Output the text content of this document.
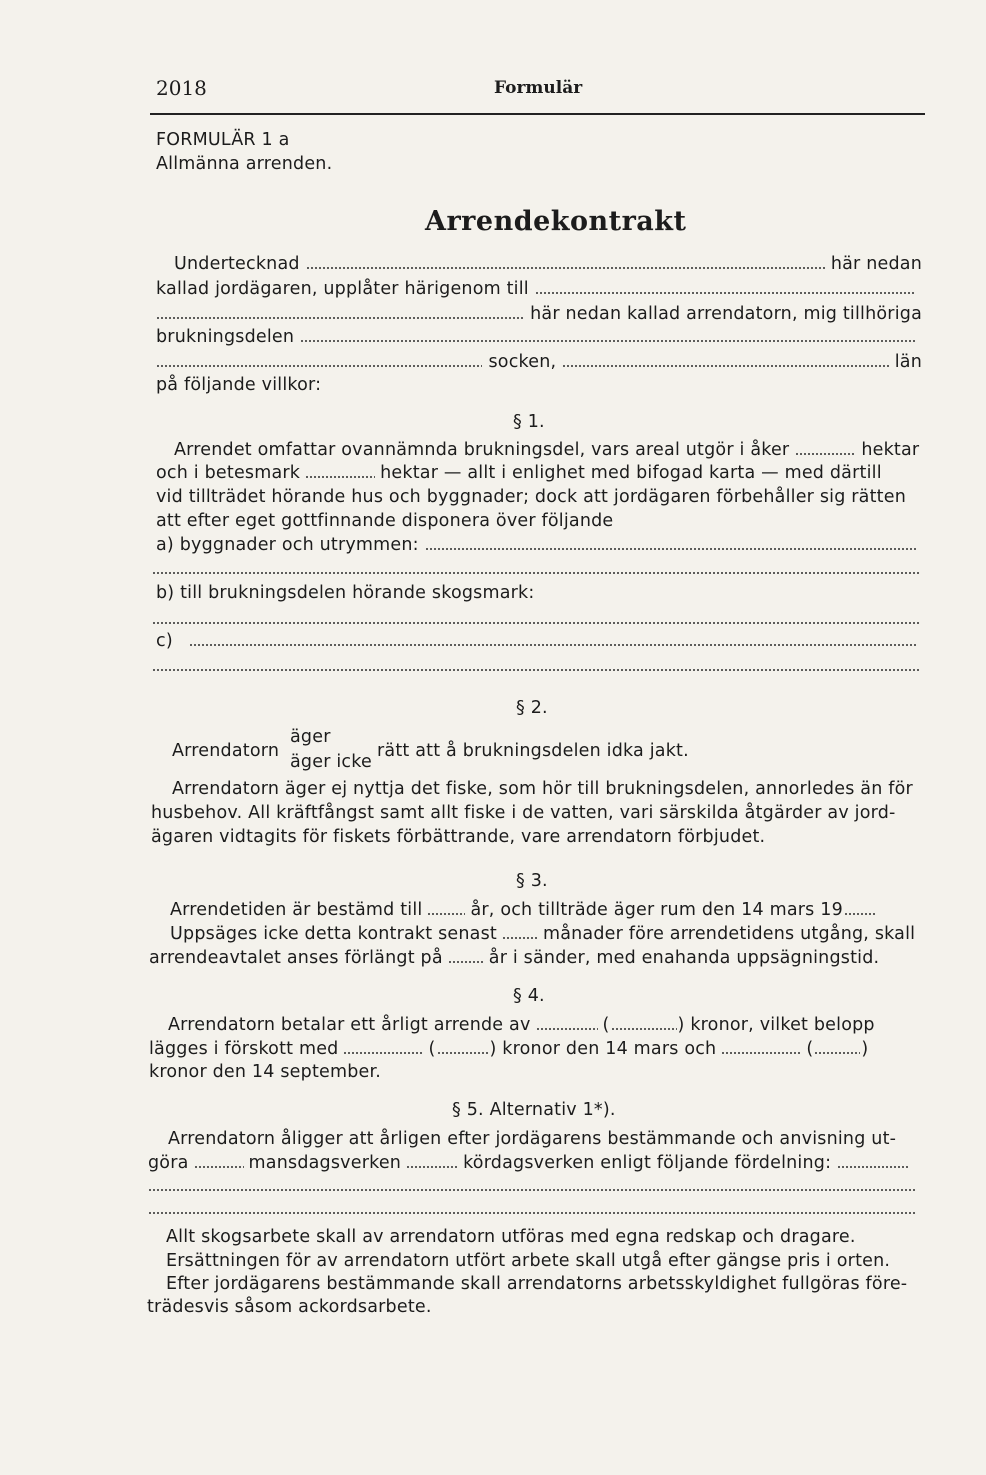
2018	Formulär
FORMULÄR 1 a
Allmänna arrenden.
Arrendekontrakt
Undertecknad	här nedan
kallad jordägaren, upplåter härigenom till
här nedan kallad arrendatorn, mig tillhöriga
brukningsdelen
socken,	län
på följande villkor:
§ 1.
Arrendet omfattar ovannämnda brukningsdel, vars areal utgör i åker	hektar
och i betesmark	hektar — allt i enlighet med bifogad karta — med därtill
vid tillträdet hörande hus och byggnader; dock att jordägaren förbehåller sig rätten
att efter eget gottfinnande disponera över följande
a) byggnader och utrymmen:
b) till brukningsdelen hörande skogsmark:
c)
§ 2.
Arrendatorn
äger
äger icke
rätt att å brukningsdelen idka jakt.
Arrendatorn äger ej nyttja det fiske, som hör till brukningsdelen, annorledes än för
husbehov. All kräftfångst samt allt fiske i de vatten, vari särskilda åtgärder av jord-
ägaren vidtagits för fiskets förbättrande, vare arrendatorn förbjudet.
§ 3.
Arrendetiden är bestämd till	år, och tillträde äger rum den 14 mars 19
Uppsäges icke detta kontrakt senast	månader före arrendetidens utgång, skall
arrendeavtalet anses förlängt på	år i sänder, med enahanda uppsägningstid.
§ 4.
Arrendatorn betalar ett årligt arrende av	(	) kronor, vilket belopp
lägges i förskott med	(	) kronor den 14 mars och	(	)
kronor den 14 september.
§ 5. Alternativ 1*).
Arrendatorn åligger att årligen efter jordägarens bestämmande och anvisning ut-
göra	mansdagsverken	kördagsverken enligt följande fördelning:
Allt skogsarbete skall av arrendatorn utföras med egna redskap och dragare.
Ersättningen för av arrendatorn utfört arbete skall utgå efter gängse pris i orten.
Efter jordägarens bestämmande skall arrendatorns arbetsskyldighet fullgöras före-
trädesvis såsom ackordsarbete.
